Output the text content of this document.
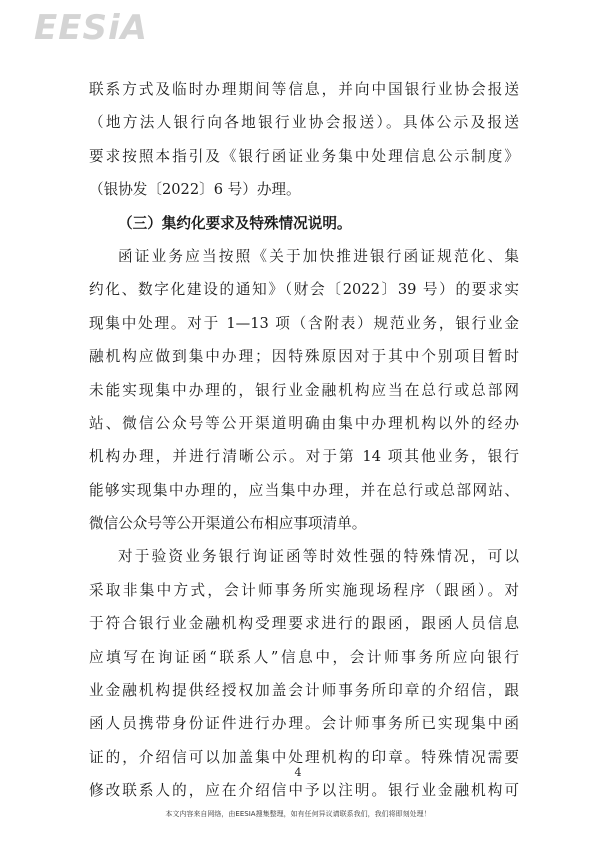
EESiA
联系方式及临时办理期间等信息，并向中国银行业协会报送
（地方法人银行向各地银行业协会报送）。具体公示及报送
要求按照本指引及《银行函证业务集中处理信息公示制度》
（银协发〔2022〕6 号）办理。
（三）集约化要求及特殊情况说明。
函证业务应当按照《关于加快推进银行函证规范化、集
约化、数字化建设的通知》（财会〔2022〕39 号）的要求实
现集中处理。对于 1—13 项（含附表）规范业务，银行业金
融机构应做到集中办理；因特殊原因对于其中个别项目暂时
未能实现集中办理的，银行业金融机构应当在总行或总部网
站、微信公众号等公开渠道明确由集中办理机构以外的经办
机构办理，并进行清晰公示。对于第 14 项其他业务，银行
能够实现集中办理的，应当集中办理，并在总行或总部网站、
微信公众号等公开渠道公布相应事项清单。
对于验资业务银行询证函等时效性强的特殊情况，可以
采取非集中方式，会计师事务所实施现场程序（跟函）。对
于符合银行业金融机构受理要求进行的跟函，跟函人员信息
应填写在询证函“联系人”信息中，会计师事务所应向银行
业金融机构提供经授权加盖会计师事务所印章的介绍信，跟
函人员携带身份证件进行办理。会计师事务所已实现集中函
证的，介绍信可以加盖集中处理机构的印章。特殊情况需要
修改联系人的，应在介绍信中予以注明。银行业金融机构可
4
本文内容来自网络，由EESIA搜集整理，如有任何异议请联系我们，我们将即刻处理！
